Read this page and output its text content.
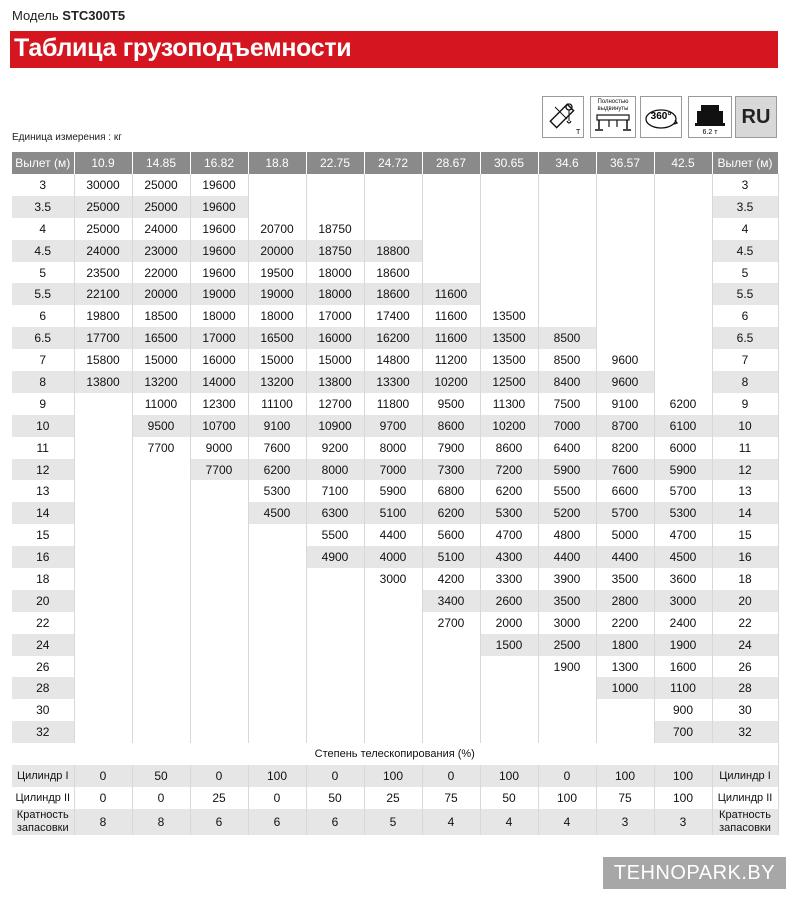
Модель STC300T5
Таблица грузоподъемности
T
Полностью выдвинуты
360°
6.2 т
RU
Единица измерения : кг
Вылет (м)	10.9	14.85	16.82	18.8	22.75	24.72	28.67	30.65	34.6	36.57	42.5	Вылет (м)
3	30000	25000	19600									3
3.5	25000	25000	19600									3.5
4	25000	24000	19600	20700	18750							4
4.5	24000	23000	19600	20000	18750	18800						4.5
5	23500	22000	19600	19500	18000	18600						5
5.5	22100	20000	19000	19000	18000	18600	11600					5.5
6	19800	18500	18000	18000	17000	17400	11600	13500				6
6.5	17700	16500	17000	16500	16000	16200	11600	13500	8500			6.5
7	15800	15000	16000	15000	15000	14800	11200	13500	8500	9600		7
8	13800	13200	14000	13200	13800	13300	10200	12500	8400	9600		8
9		11000	12300	11100	12700	11800	9500	11300	7500	9100	6200	9
10		9500	10700	9100	10900	9700	8600	10200	7000	8700	6100	10
11		7700	9000	7600	9200	8000	7900	8600	6400	8200	6000	11
12			7700	6200	8000	7000	7300	7200	5900	7600	5900	12
13				5300	7100	5900	6800	6200	5500	6600	5700	13
14				4500	6300	5100	6200	5300	5200	5700	5300	14
15					5500	4400	5600	4700	4800	5000	4700	15
16					4900	4000	5100	4300	4400	4400	4500	16
18						3000	4200	3300	3900	3500	3600	18
20							3400	2600	3500	2800	3000	20
22							2700	2000	3000	2200	2400	22
24								1500	2500	1800	1900	24
26									1900	1300	1600	26
28										1000	1100	28
30											900	30
32											700	32
Степень телескопирования (%)												
Цилиндр I	0	50	0	100	0	100	0	100	0	100	100	Цилиндр I
Цилиндр II	0	0	25	0	50	25	75	50	100	75	100	Цилиндр II
Кратность запасовки	8	8	6	6	6	5	4	4	4	3	3	Кратность запасовки
TEHNOPARK.BY
